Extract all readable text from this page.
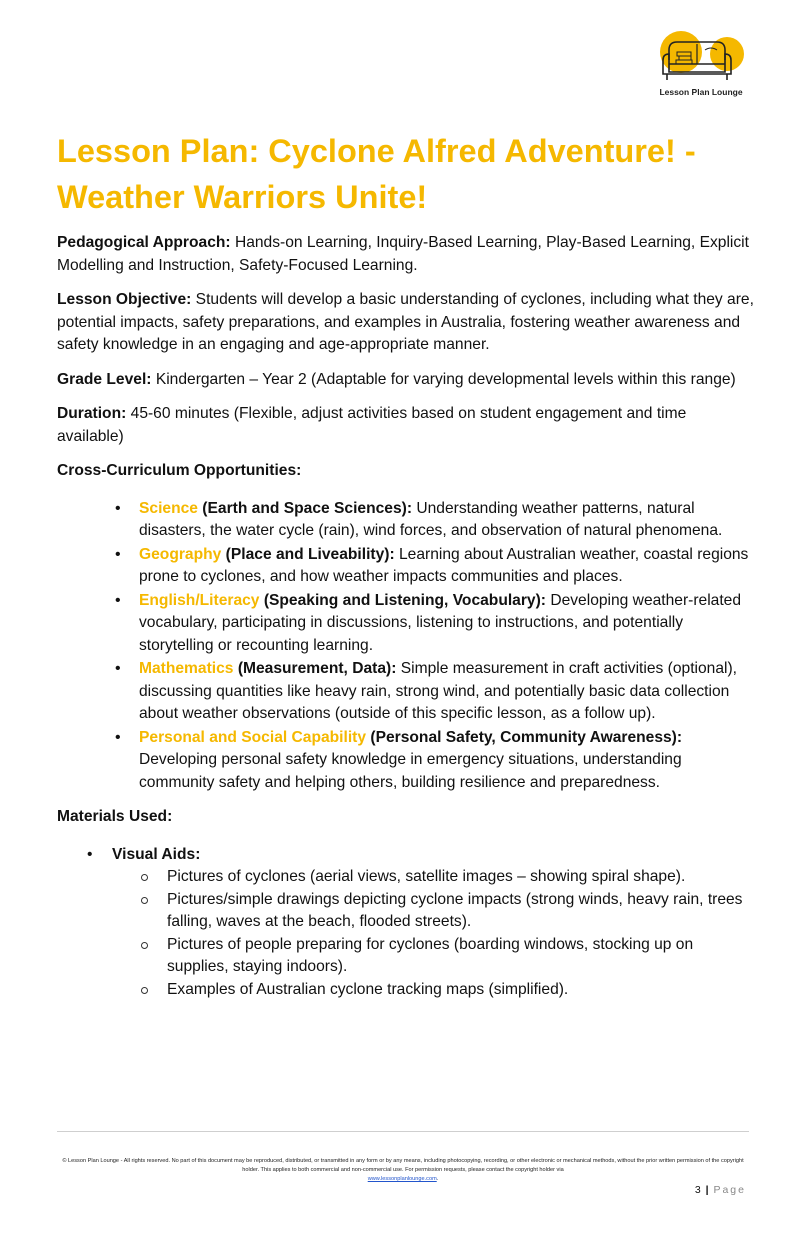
Lesson Plan Lounge
Lesson Plan: Cyclone Alfred Adventure! - Weather Warriors Unite!

Pedagogical Approach: Hands-on Learning, Inquiry-Based Learning, Play-Based Learning, Explicit Modelling and Instruction, Safety-Focused Learning.

Lesson Objective: Students will develop a basic understanding of cyclones, including what they are, potential impacts, safety preparations, and examples in Australia, fostering weather awareness and safety knowledge in an engaging and age-appropriate manner.

Grade Level: Kindergarten – Year 2 (Adaptable for varying developmental levels within this range)

Duration: 45-60 minutes (Flexible, adjust activities based on student engagement and time available)

Cross-Curriculum Opportunities:

• Science (Earth and Space Sciences): Understanding weather patterns, natural disasters, the water cycle (rain), wind forces, and observation of natural phenomena.
• Geography (Place and Liveability): Learning about Australian weather, coastal regions prone to cyclones, and how weather impacts communities and places.
• English/Literacy (Speaking and Listening, Vocabulary): Developing weather-related vocabulary, participating in discussions, listening to instructions, and potentially storytelling or recounting learning.
• Mathematics (Measurement, Data): Simple measurement in craft activities (optional), discussing quantities like heavy rain, strong wind, and potentially basic data collection about weather observations (outside of this specific lesson, as a follow up).
• Personal and Social Capability (Personal Safety, Community Awareness): Developing personal safety knowledge in emergency situations, understanding community safety and helping others, building resilience and preparedness.

Materials Used:

• Visual Aids:
Pictures of cyclones (aerial views, satellite images – showing spiral shape).
Pictures/simple drawings depicting cyclone impacts (strong winds, heavy rain, trees falling, waves at the beach, flooded streets).
Pictures of people preparing for cyclones (boarding windows, stocking up on supplies, staying indoors).
Examples of Australian cyclone tracking maps (simplified).
© Lesson Plan Lounge - All rights reserved. No part of this document may be reproduced, distributed, or transmitted in any form or by any means, including photocopying, recording, or other electronic or mechanical methods, without the prior written permission of the copyright holder. This applies to both commercial and non-commercial use. For permission requests, please contact the copyright holder via
www.lessonplanlounge.com.
3 | Page
